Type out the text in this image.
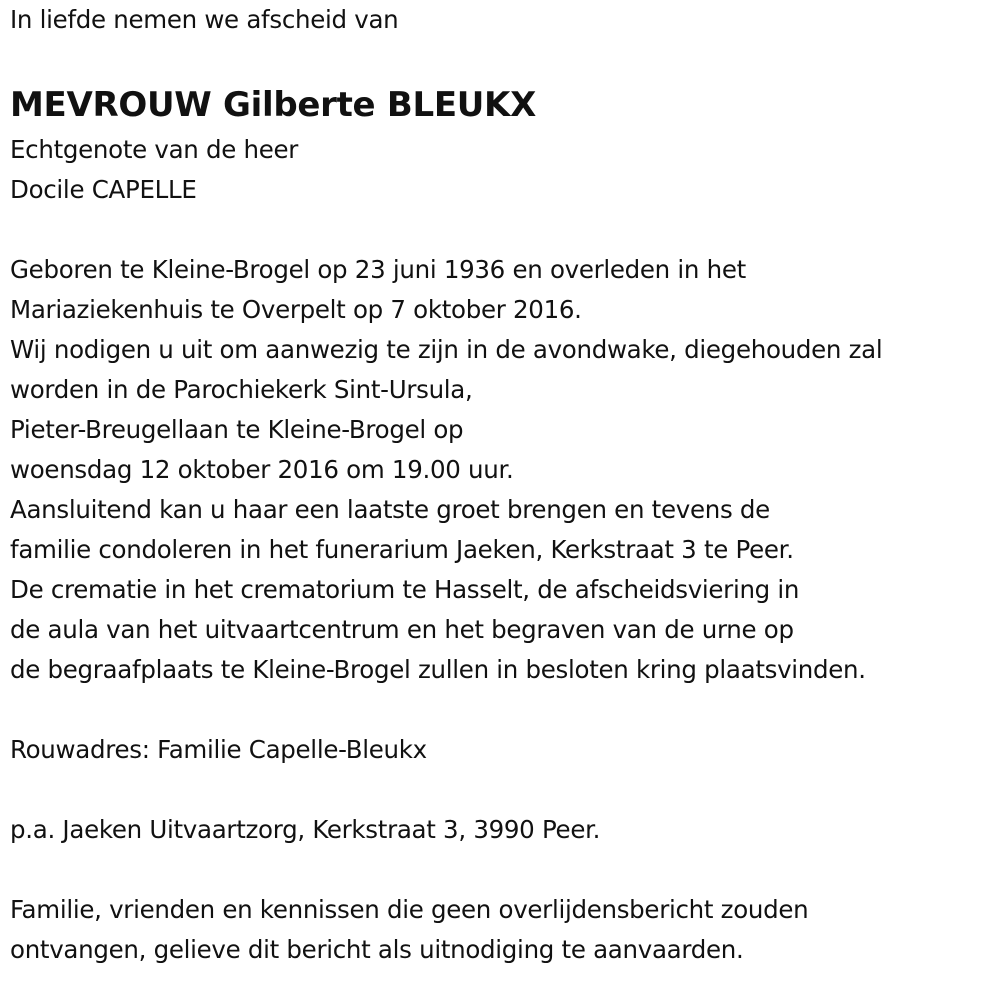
In liefde nemen we afscheid van
MEVROUW Gilberte BLEUKX
Echtgenote van de heer
Docile CAPELLE
Geboren te Kleine-Brogel op 23 juni 1936 en overleden in het
Mariaziekenhuis te Overpelt op 7 oktober 2016.
Wij nodigen u uit om aanwezig te zijn in de avondwake, diegehouden zal
worden in de Parochiekerk Sint-Ursula,
Pieter-Breugellaan te Kleine-Brogel op
woensdag 12 oktober 2016 om 19.00 uur.
Aansluitend kan u haar een laatste groet brengen en tevens de
familie condoleren in het funerarium Jaeken, Kerkstraat 3 te Peer.
De crematie in het crematorium te Hasselt, de afscheidsviering in
de aula van het uitvaartcentrum en het begraven van de urne op
de begraafplaats te Kleine-Brogel zullen in besloten kring plaatsvinden.
Rouwadres: Familie Capelle-Bleukx
p.a. Jaeken Uitvaartzorg, Kerkstraat 3, 3990 Peer.
Familie, vrienden en kennissen die geen overlijdensbericht zouden
ontvangen, gelieve dit bericht als uitnodiging te aanvaarden.
